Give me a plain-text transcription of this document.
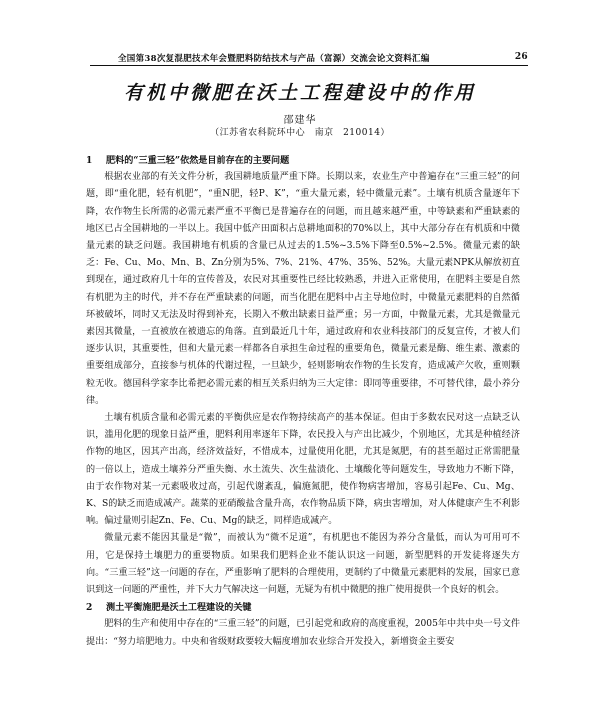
全国第38次复混肥技术年会暨肥料防结技术与产品（富源）交流会论文资料汇编	26
有机中微肥在沃土工程建设中的作用
邵建华
（江苏省农科院环中心　南京　210014）

1 肥料的“三重三轻”依然是目前存在的主要问题

根据农业部的有关文件分析，我国耕地质量严重下降。长期以来，农业生产中普遍存在“三重三轻”的问题，即“重化肥，轻有机肥”，“重N肥，轻P、K”，“重大量元素，轻中微量元素”。土壤有机质含量逐年下降，农作物生长所需的必需元素严重不平衡已是普遍存在的问题，而且越来越严重，中等缺素和严重缺素的地区已占全国耕地的一半以上。我国中低产田面积占总耕地面积的70%以上，其中大部分存在有机质和中微量元素的缺乏问题。我国耕地有机质的含量已从过去的1.5%~3.5%下降至0.5%~2.5%。微量元素的缺乏：Fe、Cu、Mo、Mn、B、Zn分别为5%、7%、21%、47%、35%、52%。大量元素NPK从解放初直到现在，通过政府几十年的宣传普及，农民对其重要性已经比较熟悉，并进入正常使用，在肥料主要是自然有机肥为主的时代，并不存在严重缺素的问题，而当化肥在肥料中占主导地位时，中微量元素肥料的自然循环被破坏，同时又无法及时得到补充，长期入不敷出缺素日益严重；另一方面，中微量元素，尤其是微量元素因其微量，一直被放在被遗忘的角落。直到最近几十年，通过政府和农业科技部门的反复宣传，才被人们逐步认识，其重要性，但和大量元素一样都各自承担生命过程的重要角色，微量元素是酶、维生素、激素的重要组成部分，直接参与机体的代谢过程，一旦缺少，轻则影响农作物的生长发育，造成减产欠收，重则颗粒无收。德国科学家李比希把必需元素的相互关系归纳为三大定律：即同等重要律，不可替代律，最小养分律。

土壤有机质含量和必需元素的平衡供应是农作物持续高产的基本保证。但由于多数农民对这一点缺乏认识，滥用化肥的现象日益严重，肥料利用率逐年下降，农民投入与产出比减少，个别地区，尤其是种植经济作物的地区，因其产出高，经济效益好，不惜成本，过量使用化肥，尤其是氮肥，有的甚至超过正常需肥量的一倍以上，造成土壤养分严重失衡、水土流失、次生盐渍化、土壤酸化等问题发生，导致地力不断下降，由于农作物对某一元素吸收过高，引起代谢紊乱，偏施氮肥，使作物病害增加，容易引起Fe、Cu、Mg、K、S的缺乏而造成减产。蔬菜的亚硝酸盐含量升高，农作物品质下降，病虫害增加，对人体健康产生不利影响。偏过量则引起Zn、Fe、Cu、Mg的缺乏，同样造成减产。

微量元素不能因其量是“微”，而被认为“微不足道”，有机肥也不能因为养分含量低，而认为可用可不用，它是保持土壤肥力的重要物质。如果我们肥料企业不能认识这一问题，新型肥料的开发徒将逐失方向。“三重三轻”这一问题的存在，严重影响了肥料的合理使用，更制约了中微量元素肥料的发展，国家已意识到这一问题的严重性，并下大力气解决这一问题，无疑为有机中微肥的推广使用提供一个良好的机会。

2 测土平衡施肥是沃土工程建设的关键

肥料的生产和使用中存在的“三重三轻”的问题，已引起党和政府的高度重视，2005年中共中央一号文件提出：“努力培肥地力。中央和省级财政要较大幅度增加农业综合开发投入，新增资金主要安
